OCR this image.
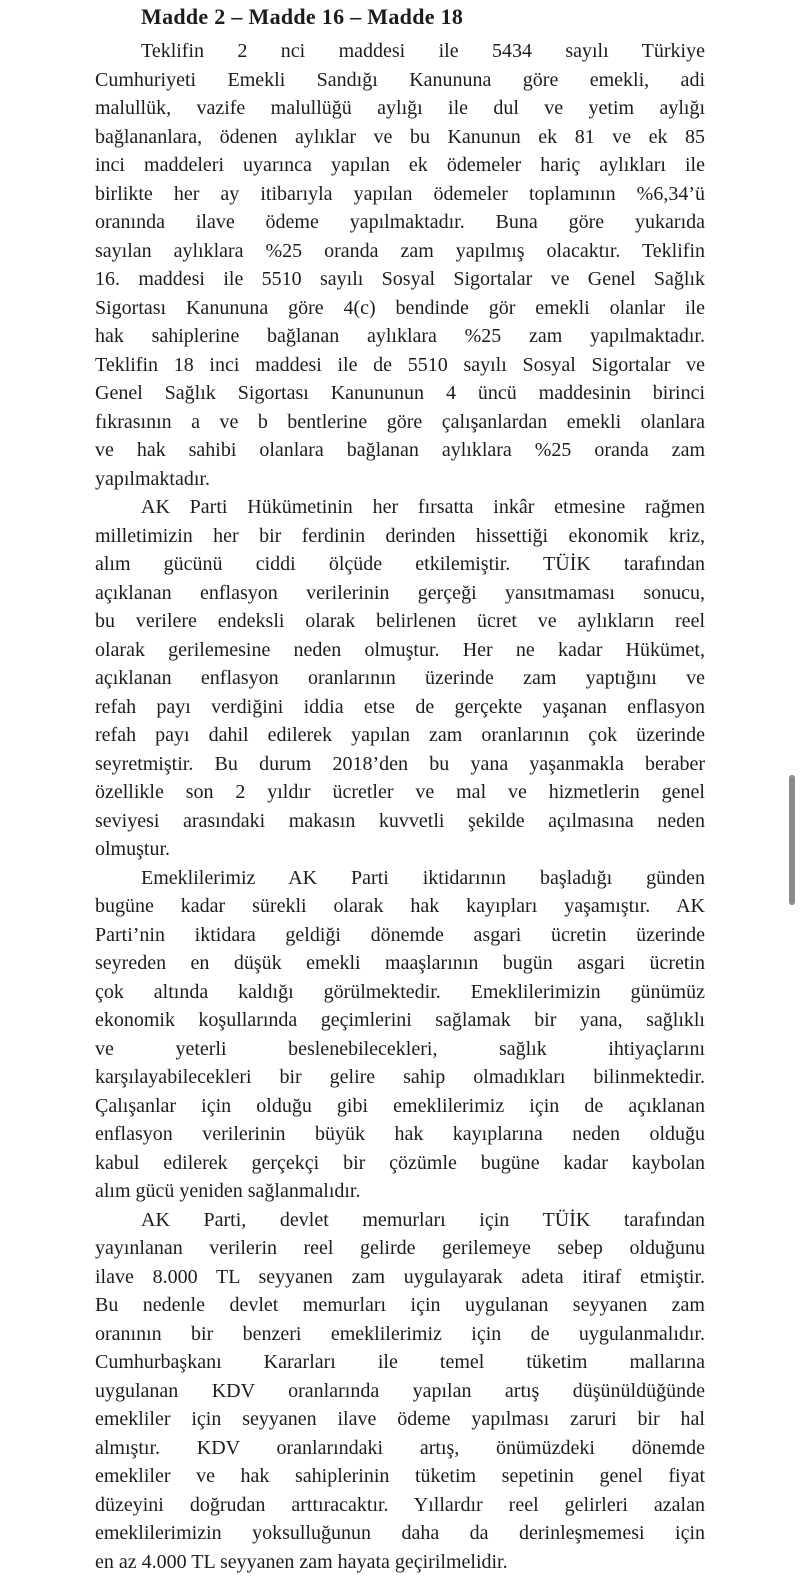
Madde 2 – Madde 16 – Madde 18
Teklifin 2 nci maddesi ile 5434 sayılı Türkiye
Cumhuriyeti Emekli Sandığı Kanununa göre emekli, adi
malullük, vazife malullüğü aylığı ile dul ve yetim aylığı
bağlananlara, ödenen aylıklar ve bu Kanunun ek 81 ve ek 85
inci maddeleri uyarınca yapılan ek ödemeler hariç aylıkları ile
birlikte her ay itibarıyla yapılan ödemeler toplamının %6,34’ü
oranında ilave ödeme yapılmaktadır. Buna göre yukarıda
sayılan aylıklara %25 oranda zam yapılmış olacaktır. Teklifin
16. maddesi ile 5510 sayılı Sosyal Sigortalar ve Genel Sağlık
Sigortası Kanununa göre 4(c) bendinde gör emekli olanlar ile
hak sahiplerine bağlanan aylıklara %25 zam yapılmaktadır.
Teklifin 18 inci maddesi ile de 5510 sayılı Sosyal Sigortalar ve
Genel Sağlık Sigortası Kanununun 4 üncü maddesinin birinci
fıkrasının a ve b bentlerine göre çalışanlardan emekli olanlara
ve hak sahibi olanlara bağlanan aylıklara %25 oranda zam
yapılmaktadır.
AK Parti Hükümetinin her fırsatta inkâr etmesine rağmen
milletimizin her bir ferdinin derinden hissettiği ekonomik kriz,
alım gücünü ciddi ölçüde etkilemiştir. TÜİK tarafından
açıklanan enflasyon verilerinin gerçeği yansıtmaması sonucu,
bu verilere endeksli olarak belirlenen ücret ve aylıkların reel
olarak gerilemesine neden olmuştur. Her ne kadar Hükümet,
açıklanan enflasyon oranlarının üzerinde zam yaptığını ve
refah payı verdiğini iddia etse de gerçekte yaşanan enflasyon
refah payı dahil edilerek yapılan zam oranlarının çok üzerinde
seyretmiştir. Bu durum 2018’den bu yana yaşanmakla beraber
özellikle son 2 yıldır ücretler ve mal ve hizmetlerin genel
seviyesi arasındaki makasın kuvvetli şekilde açılmasına neden
olmuştur.
Emeklilerimiz AK Parti iktidarının başladığı günden
bugüne kadar sürekli olarak hak kayıpları yaşamıştır. AK
Parti’nin iktidara geldiği dönemde asgari ücretin üzerinde
seyreden en düşük emekli maaşlarının bugün asgari ücretin
çok altında kaldığı görülmektedir. Emeklilerimizin günümüz
ekonomik koşullarında geçimlerini sağlamak bir yana, sağlıklı
ve yeterli beslenebilecekleri, sağlık ihtiyaçlarını
karşılayabilecekleri bir gelire sahip olmadıkları bilinmektedir.
Çalışanlar için olduğu gibi emeklilerimiz için de açıklanan
enflasyon verilerinin büyük hak kayıplarına neden olduğu
kabul edilerek gerçekçi bir çözümle bugüne kadar kaybolan
alım gücü yeniden sağlanmalıdır.
AK Parti, devlet memurları için TÜİK tarafından
yayınlanan verilerin reel gelirde gerilemeye sebep olduğunu
ilave 8.000 TL seyyanen zam uygulayarak adeta itiraf etmiştir.
Bu nedenle devlet memurları için uygulanan seyyanen zam
oranının bir benzeri emeklilerimiz için de uygulanmalıdır.
Cumhurbaşkanı Kararları ile temel tüketim mallarına
uygulanan KDV oranlarında yapılan artış düşünüldüğünde
emekliler için seyyanen ilave ödeme yapılması zaruri bir hal
almıştır. KDV oranlarındaki artış, önümüzdeki dönemde
emekliler ve hak sahiplerinin tüketim sepetinin genel fiyat
düzeyini doğrudan arttıracaktır. Yıllardır reel gelirleri azalan
emeklilerimizin yoksulluğunun daha da derinleşmemesi için
en az 4.000 TL seyyanen zam hayata geçirilmelidir.
